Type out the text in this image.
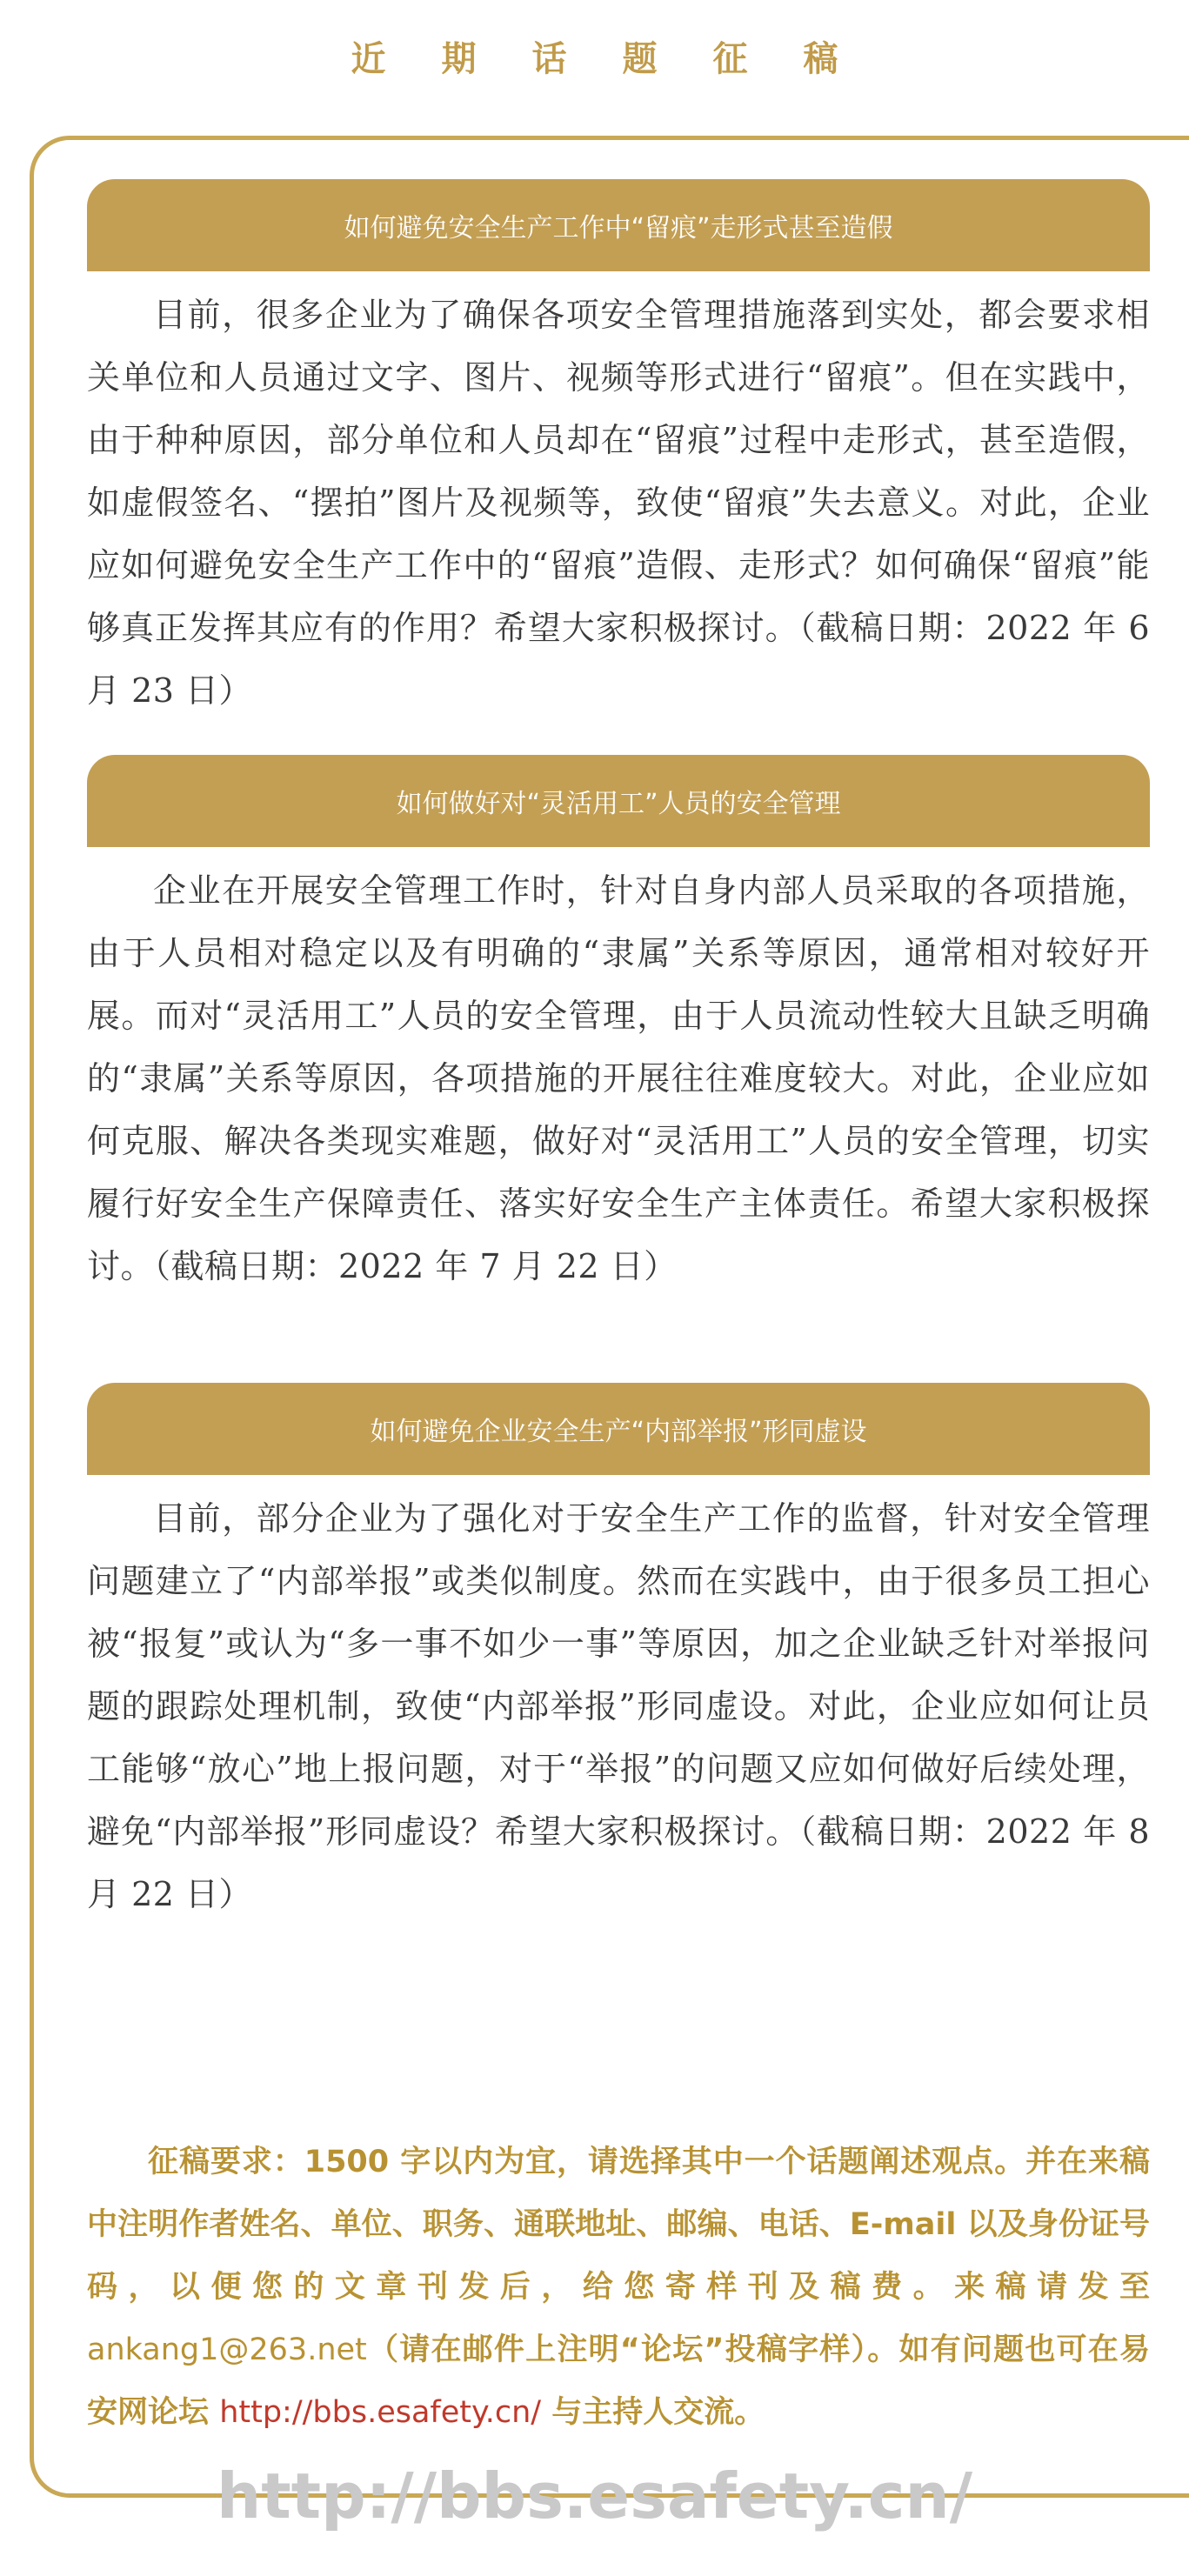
近期话题征稿
如何避免安全生产工作中“留痕”走形式甚至造假

目前，很多企业为了确保各项安全管理措施落到实处，都会要求相关单位和人员通过文字、图片、视频等形式进行“留痕”。但在实践中，由于种种原因，部分单位和人员却在“留痕”过程中走形式，甚至造假，如虚假签名、“摆拍”图片及视频等，致使“留痕”失去意义。对此，企业应如何避免安全生产工作中的“留痕”造假、走形式？如何确保“留痕”能够真正发挥其应有的作用？希望大家积极探讨。（截稿日期：2022 年 6 月 23 日）

如何做好对“灵活用工”人员的安全管理

企业在开展安全管理工作时，针对自身内部人员采取的各项措施，由于人员相对稳定以及有明确的“隶属”关系等原因，通常相对较好开展。而对“灵活用工”人员的安全管理，由于人员流动性较大且缺乏明确的“隶属”关系等原因，各项措施的开展往往难度较大。对此，企业应如何克服、解决各类现实难题，做好对“灵活用工”人员的安全管理，切实履行好安全生产保障责任、落实好安全生产主体责任。希望大家积极探讨。（截稿日期：2022 年 7 月 22 日）

如何避免企业安全生产“内部举报”形同虚设

目前，部分企业为了强化对于安全生产工作的监督，针对安全管理问题建立了“内部举报”或类似制度。然而在实践中，由于很多员工担心被“报复”或认为“多一事不如少一事”等原因，加之企业缺乏针对举报问题的跟踪处理机制，致使“内部举报”形同虚设。对此，企业应如何让员工能够“放心”地上报问题，对于“举报”的问题又应如何做好后续处理，避免“内部举报”形同虚设？希望大家积极探讨。（截稿日期：2022 年 8 月 22 日）

征稿要求：1500 字以内为宜，请选择其中一个话题阐述观点。并在来稿中注明作者姓名、单位、职务、通联地址、邮编、电话、E-mail 以及身份证号码，以便您的文章刊发后，给您寄样刊及稿费。来稿请发至ankang1@263.net（请在邮件上注明“论坛”投稿字样）。如有问题也可在易安网论坛 http://bbs.esafety.cn/ 与主持人交流。
http://bbs.esafety.cn/
